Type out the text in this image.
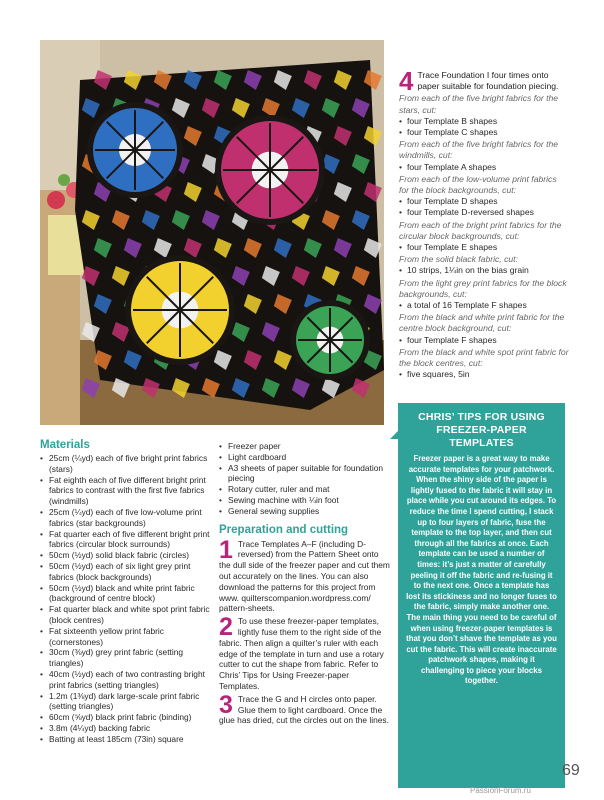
4 Trace Foundation I four times onto paper suitable for foundation piecing.
From each of the five bright fabrics for the stars, cut:
• four Template B shapes
• four Template C shapes
From each of the five bright fabrics for the windmills, cut:
• four Template A shapes
From each of the low-volume print fabrics for the block backgrounds, cut:
• four Template D shapes
• four Template D-reversed shapes
From each of the bright print fabrics for the circular block backgrounds, cut:
• four Template E shapes
From the solid black fabric, cut:
• 10 strips, 1¼in on the bias grain
From the light grey print fabrics for the block backgrounds, cut:
• a total of 16 Template F shapes
From the black and white print fabric for the centre block background, cut:
• four Template F shapes
From the black and white spot print fabric for the block centres, cut:
• five squares, 5in
CHRIS’ TIPS FOR USING FREEZER-PAPER TEMPLATES

Freezer paper is a great way to make accurate templates for your patchwork. When the shiny side of the paper is lightly fused to the fabric it will stay in place while you cut around its edges. To reduce the time I spend cutting, I stack up to four layers of fabric, fuse the template to the top layer, and then cut through all the fabrics at once. Each template can be used a number of times: it’s just a matter of carefully peeling it off the fabric and re-fusing it to the next one. Once a template has lost its stickiness and no longer fuses to the fabric, simply make another one. The main thing you need to be careful of when using freezer-paper templates is that you don’t shave the template as you cut the fabric. This will create inaccurate patchwork shapes, making it challenging to piece your blocks together.

Materials
• 25cm (¼yd) each of five bright print fabrics (stars)
• Fat eighth each of five different bright print fabrics to contrast with the first five fabrics (windmills)
• 25cm (¼yd) each of five low-volume print fabrics (star backgrounds)
• Fat quarter each of five different bright print fabrics (circular block surrounds)
• 50cm (½yd) solid black fabric (circles)
• 50cm (½yd) each of six light grey print fabrics (block backgrounds)
• 50cm (½yd) black and white print fabric (background of centre block)
• Fat quarter black and white spot print fabric (block centres)
• Fat sixteenth yellow print fabric (cornerstones)
• 30cm (⅜yd) grey print fabric (setting triangles)
• 40cm (½yd) each of two contrasting bright print fabrics (setting triangles)
• 1.2m (1⅜yd) dark large-scale print fabric (setting triangles)
• 60cm (⅝yd) black print fabric (binding)
• 3.8m (4¼yd) backing fabric
• Batting at least 185cm (73in) square
• Freezer paper
• Light cardboard
• A3 sheets of paper suitable for foundation piecing
• Rotary cutter, ruler and mat
• Sewing machine with ¼in foot
• General sewing supplies
Preparation and cutting
1 Trace Templates A–F (including D-reversed) from the Pattern Sheet onto the dull side of the freezer paper and cut them out accurately on the lines. You can also download the patterns for this project from www. quilterscompanion.wordpress.com/ pattern-sheets.

2 To use these freezer-paper templates, lightly fuse them to the right side of the fabric. Then align a quilter’s ruler with each edge of the template in turn and use a rotary cutter to cut the shape from fabric. Refer to Chris’ Tips for Using Freezer-paper Templates.

3 Trace the G and H circles onto paper. Glue them to light cardboard. Once the glue has dried, cut the circles out on the lines.

69
PassionForum.ru
